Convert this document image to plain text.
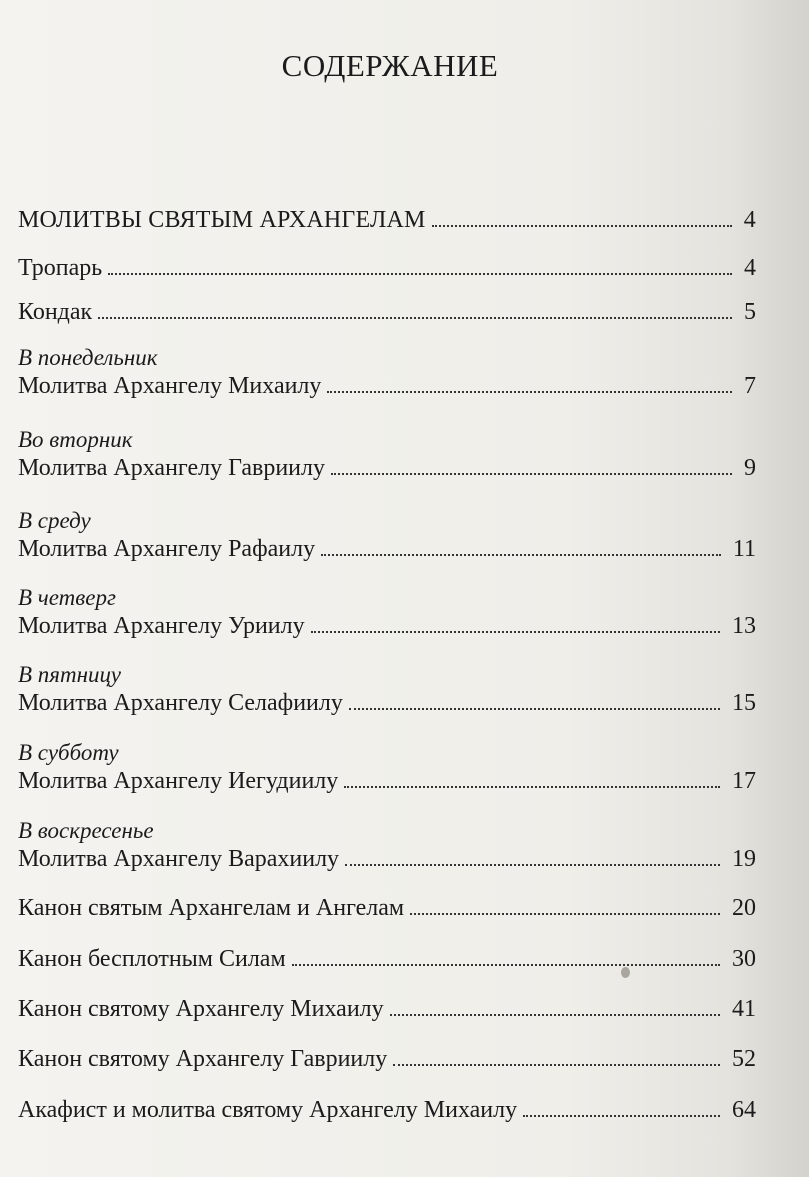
СОДЕРЖАНИЕ
МОЛИТВЫ СВЯТЫМ АРХАНГЕЛАМ	4
Тропарь	4
Кондак	5
В понедельник
Молитва Архангелу Михаилу	7
Во вторник
Молитва Архангелу Гавриилу	9
В среду
Молитва Архангелу Рафаилу	11
В четверг
Молитва Архангелу Уриилу	13
В пятницу
Молитва Архангелу Селафиилу	15
В субботу
Молитва Архангелу Иегудиилу	17
В воскресенье
Молитва Архангелу Варахиилу	19
Канон святым Архангелам и Ангелам	20
Канон бесплотным Силам	30
Канон святому Архангелу Михаилу	41
Канон святому Архангелу Гавриилу	52
Акафист и молитва святому Архангелу Михаилу	64
